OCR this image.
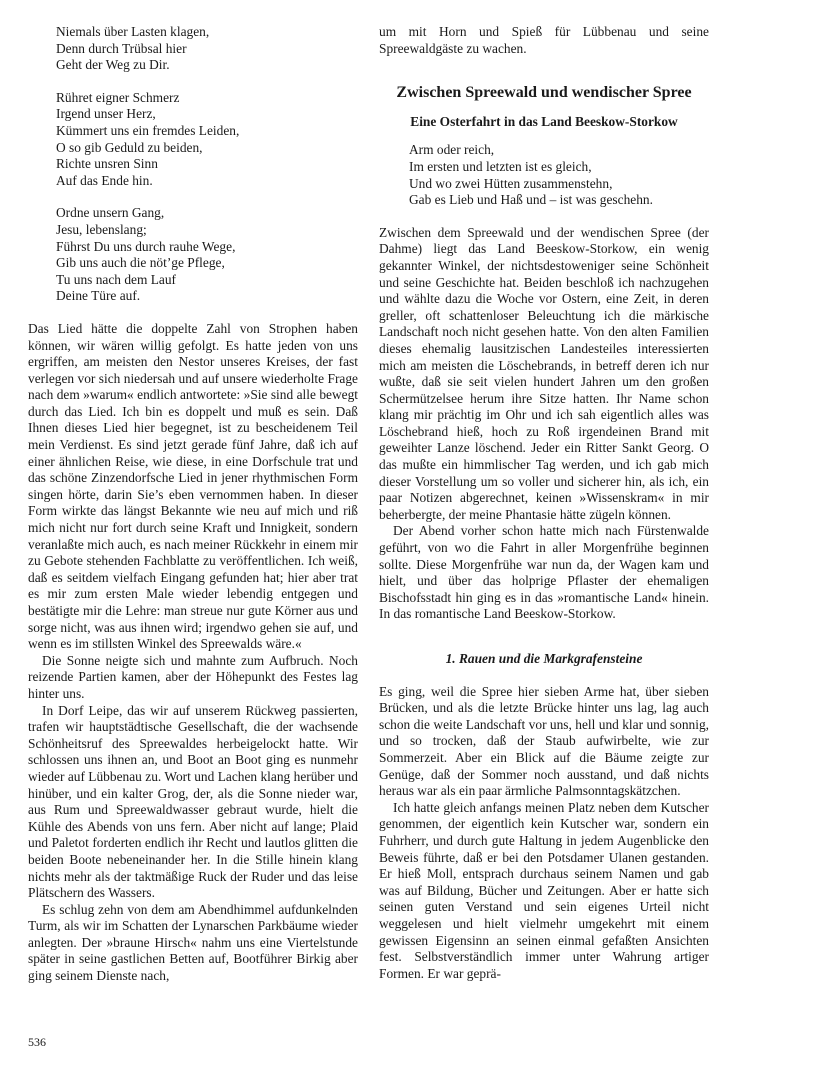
Niemals über Lasten klagen,
Denn durch Trübsal hier
Geht der Weg zu Dir.
Rühret eigner Schmerz
Irgend unser Herz,
Kümmert uns ein fremdes Leiden,
O so gib Geduld zu beiden,
Richte unsren Sinn
Auf das Ende hin.
Ordne unsern Gang,
Jesu, lebenslang;
Führst Du uns durch rauhe Wege,
Gib uns auch die nöt’ge Pflege,
Tu uns nach dem Lauf
Deine Türe auf.

Das Lied hätte die doppelte Zahl von Strophen haben können, wir wären willig gefolgt. Es hatte jeden von uns ergriffen, am meisten den Nestor unseres Kreises, der fast verlegen vor sich niedersah und auf unsere wiederholte Frage nach dem »warum« endlich antwortete: »Sie sind alle bewegt durch das Lied. Ich bin es doppelt und muß es sein. Daß Ihnen dieses Lied hier begegnet, ist zu bescheidenem Teil mein Verdienst. Es sind jetzt gerade fünf Jahre, daß ich auf einer ähnlichen Reise, wie diese, in eine Dorfschule trat und das schöne Zinzendorfsche Lied in jener rhythmischen Form singen hörte, darin Sie’s eben vernommen haben. In dieser Form wirkte das längst Bekannte wie neu auf mich und riß mich nicht nur fort durch seine Kraft und Innigkeit, sondern veranlaßte mich auch, es nach meiner Rückkehr in einem mir zu Gebote stehenden Fachblatte zu veröffentlichen. Ich weiß, daß es seitdem vielfach Eingang gefunden hat; hier aber trat es mir zum ersten Male wieder lebendig entgegen und bestätigte mir die Lehre: man streue nur gute Körner aus und sorge nicht, was aus ihnen wird; irgendwo gehen sie auf, und wenn es im stillsten Winkel des Spreewalds wäre.«

Die Sonne neigte sich und mahnte zum Aufbruch. Noch reizende Partien kamen, aber der Höhepunkt des Festes lag hinter uns.

In Dorf Leipe, das wir auf unserem Rückweg passierten, trafen wir hauptstädtische Gesellschaft, die der wachsende Schönheitsruf des Spreewaldes herbeigelockt hatte. Wir schlossen uns ihnen an, und Boot an Boot ging es nunmehr wieder auf Lübbenau zu. Wort und Lachen klang herüber und hinüber, und ein kalter Grog, der, als die Sonne nieder war, aus Rum und Spreewaldwasser gebraut wurde, hielt die Kühle des Abends von uns fern. Aber nicht auf lange; Plaid und Paletot forderten endlich ihr Recht und lautlos glitten die beiden Boote nebeneinander her. In die Stille hinein klang nichts mehr als der taktmäßige Ruck der Ruder und das leise Plätschern des Wassers.

Es schlug zehn von dem am Abendhimmel aufdunkelnden Turm, als wir im Schatten der Lynarschen Parkbäume wieder anlegten. Der »braune Hirsch« nahm uns eine Viertelstunde später in seine gastlichen Betten auf, Bootführer Birkig aber ging seinem Dienste nach,

um mit Horn und Spieß für Lübbenau und seine Spreewaldgäste zu wachen.

Zwischen Spreewald und wendischer Spree
Eine Osterfahrt in das Land Beeskow-Storkow
Arm oder reich,
Im ersten und letzten ist es gleich,
Und wo zwei Hütten zusammenstehn,
Gab es Lieb und Haß und – ist was geschehn.

Zwischen dem Spreewald und der wendischen Spree (der Dahme) liegt das Land Beeskow-Storkow, ein wenig gekannter Winkel, der nichtsdestoweniger seine Schönheit und seine Geschichte hat. Beiden beschloß ich nachzugehen und wählte dazu die Woche vor Ostern, eine Zeit, in deren greller, oft schattenloser Beleuchtung ich die märkische Landschaft noch nicht gesehen hatte. Von den alten Familien dieses ehemalig lausitzischen Landesteiles interessierten mich am meisten die Löschebrands, in betreff deren ich nur wußte, daß sie seit vielen hundert Jahren um den großen Schermützelsee herum ihre Sitze hatten. Ihr Name schon klang mir prächtig im Ohr und ich sah eigentlich alles was Löschebrand hieß, hoch zu Roß irgendeinen Brand mit geweihter Lanze löschend. Jeder ein Ritter Sankt Georg. O das mußte ein himmlischer Tag werden, und ich gab mich dieser Vorstellung um so voller und sicherer hin, als ich, ein paar Notizen abgerechnet, keinen »Wissenskram« in mir beherbergte, der meine Phantasie hätte zügeln können.

Der Abend vorher schon hatte mich nach Fürstenwalde geführt, von wo die Fahrt in aller Morgenfrühe beginnen sollte. Diese Morgenfrühe war nun da, der Wagen kam und hielt, und über das holprige Pflaster der ehemaligen Bischofsstadt hin ging es in das »romantische Land« hinein. In das romantische Land Beeskow-Storkow.

1. Rauen und die Markgrafensteine

Es ging, weil die Spree hier sieben Arme hat, über sieben Brücken, und als die letzte Brücke hinter uns lag, lag auch schon die weite Landschaft vor uns, hell und klar und sonnig, und so trocken, daß der Staub aufwirbelte, wie zur Sommerzeit. Aber ein Blick auf die Bäume zeigte zur Genüge, daß der Sommer noch ausstand, und daß nichts heraus war als ein paar ärmliche Palmsonntagskätzchen.

Ich hatte gleich anfangs meinen Platz neben dem Kutscher genommen, der eigentlich kein Kutscher war, sondern ein Fuhrherr, und durch gute Haltung in jedem Augenblicke den Beweis führte, daß er bei den Potsdamer Ulanen gestanden. Er hieß Moll, entsprach durchaus seinem Namen und gab was auf Bildung, Bücher und Zeitungen. Aber er hatte sich seinen guten Verstand und sein eigenes Urteil nicht weggelesen und hielt vielmehr umgekehrt mit einem gewissen Eigensinn an seinen einmal gefaßten Ansichten fest. Selbstverständlich immer unter Wahrung artiger Formen. Er war geprä-

536
